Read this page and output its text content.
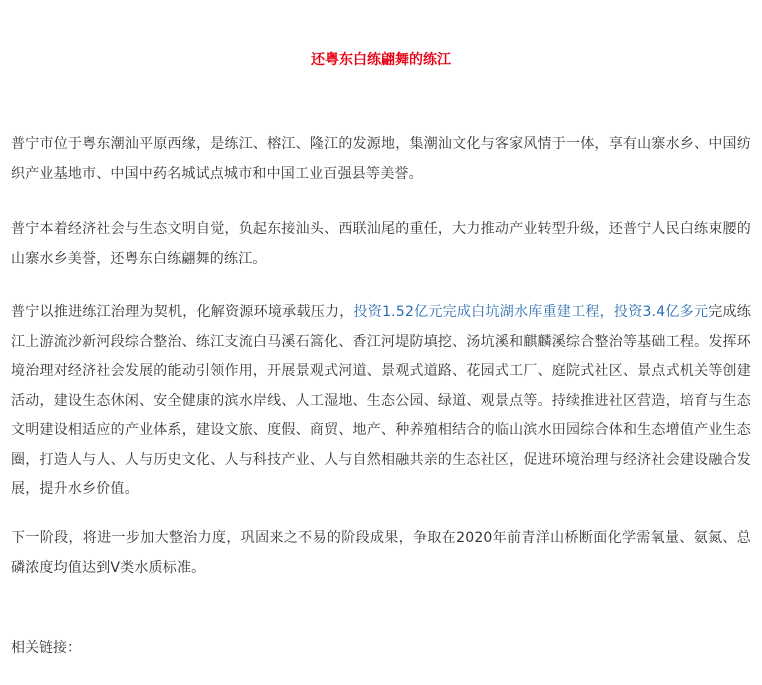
还粤东白练翩舞的练江

普宁市位于粤东潮汕平原西缘，是练江、榕江、隆江的发源地，集潮汕文化与客家风情于一体，享有山寨水乡、中国纺织产业基地市、中国中药名城试点城市和中国工业百强县等美誉。

普宁本着经济社会与生态文明自觉，负起东接汕头、西联汕尾的重任，大力推动产业转型升级，还普宁人民白练束腰的山寨水乡美誉，还粤东白练翩舞的练江。

普宁以推进练江治理为契机，化解资源环境承载压力，投资1.52亿元完成白坑湖水库重建工程，投资3.4亿多元完成练江上游流沙新河段综合整治、练江支流白马溪石篙化、香江河堤防填挖、汤坑溪和麒麟溪综合整治等基础工程。发挥环境治理对经济社会发展的能动引领作用，开展景观式河道、景观式道路、花园式工厂、庭院式社区、景点式机关等创建活动，建设生态休闲、安全健康的滨水岸线、人工湿地、生态公园、绿道、观景点等。持续推进社区营造，培育与生态文明建设相适应的产业体系，建设文旅、度假、商贸、地产、种养殖相结合的临山滨水田园综合体和生态增值产业生态圈，打造人与人、人与历史文化、人与科技产业、人与自然相融共亲的生态社区，促进环境治理与经济社会建设融合发展，提升水乡价值。

下一阶段，将进一步加大整治力度，巩固来之不易的阶段成果，争取在2020年前青洋山桥断面化学需氧量、氨氮、总磷浓度均值达到Ⅴ类水质标准。

相关链接：
